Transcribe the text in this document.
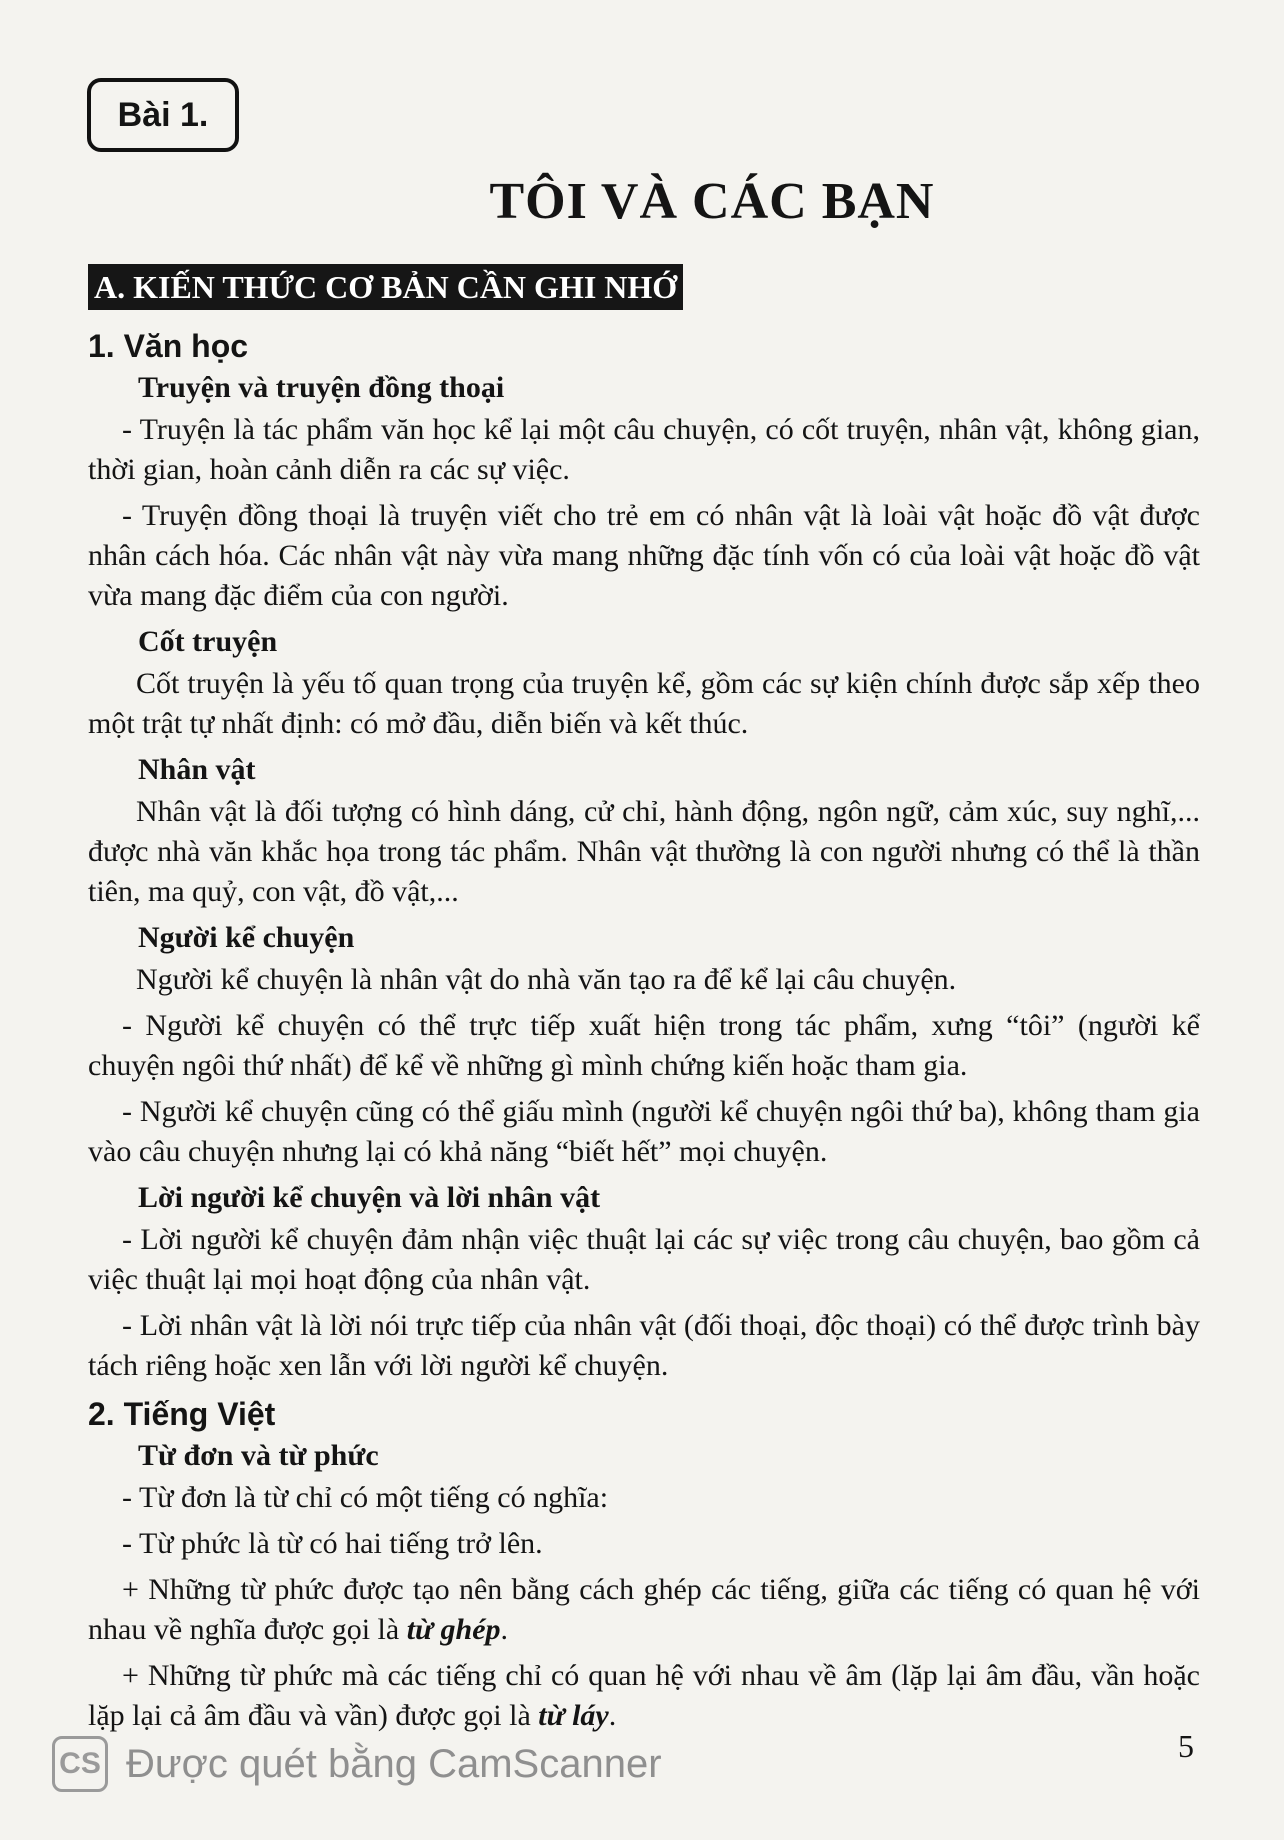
Bài 1.
TÔI VÀ CÁC BẠN
A. KIẾN THỨC CƠ BẢN CẦN GHI NHỚ
1. Văn học
Truyện và truyện đồng thoại

- Truyện là tác phẩm văn học kể lại một câu chuyện, có cốt truyện, nhân vật, không gian, thời gian, hoàn cảnh diễn ra các sự việc.

- Truyện đồng thoại là truyện viết cho trẻ em có nhân vật là loài vật hoặc đồ vật được nhân cách hóa. Các nhân vật này vừa mang những đặc tính vốn có của loài vật hoặc đồ vật vừa mang đặc điểm của con người.

Cốt truyện

Cốt truyện là yếu tố quan trọng của truyện kể, gồm các sự kiện chính được sắp xếp theo một trật tự nhất định: có mở đầu, diễn biến và kết thúc.

Nhân vật

Nhân vật là đối tượng có hình dáng, cử chỉ, hành động, ngôn ngữ, cảm xúc, suy nghĩ,... được nhà văn khắc họa trong tác phẩm. Nhân vật thường là con người nhưng có thể là thần tiên, ma quỷ, con vật, đồ vật,...

Người kể chuyện

Người kể chuyện là nhân vật do nhà văn tạo ra để kể lại câu chuyện.

- Người kể chuyện có thể trực tiếp xuất hiện trong tác phẩm, xưng “tôi” (người kể chuyện ngôi thứ nhất) để kể về những gì mình chứng kiến hoặc tham gia.

- Người kể chuyện cũng có thể giấu mình (người kể chuyện ngôi thứ ba), không tham gia vào câu chuyện nhưng lại có khả năng “biết hết” mọi chuyện.

Lời người kể chuyện và lời nhân vật

- Lời người kể chuyện đảm nhận việc thuật lại các sự việc trong câu chuyện, bao gồm cả việc thuật lại mọi hoạt động của nhân vật.

- Lời nhân vật là lời nói trực tiếp của nhân vật (đối thoại, độc thoại) có thể được trình bày tách riêng hoặc xen lẫn với lời người kể chuyện.

2. Tiếng Việt
Từ đơn và từ phức

- Từ đơn là từ chỉ có một tiếng có nghĩa:

- Từ phức là từ có hai tiếng trở lên.

+ Những từ phức được tạo nên bằng cách ghép các tiếng, giữa các tiếng có quan hệ với nhau về nghĩa được gọi là từ ghép.

+ Những từ phức mà các tiếng chỉ có quan hệ với nhau về âm (lặp lại âm đầu, vần hoặc lặp lại cả âm đầu và vần) được gọi là từ láy.

CS Được quét bằng CamScanner	5
